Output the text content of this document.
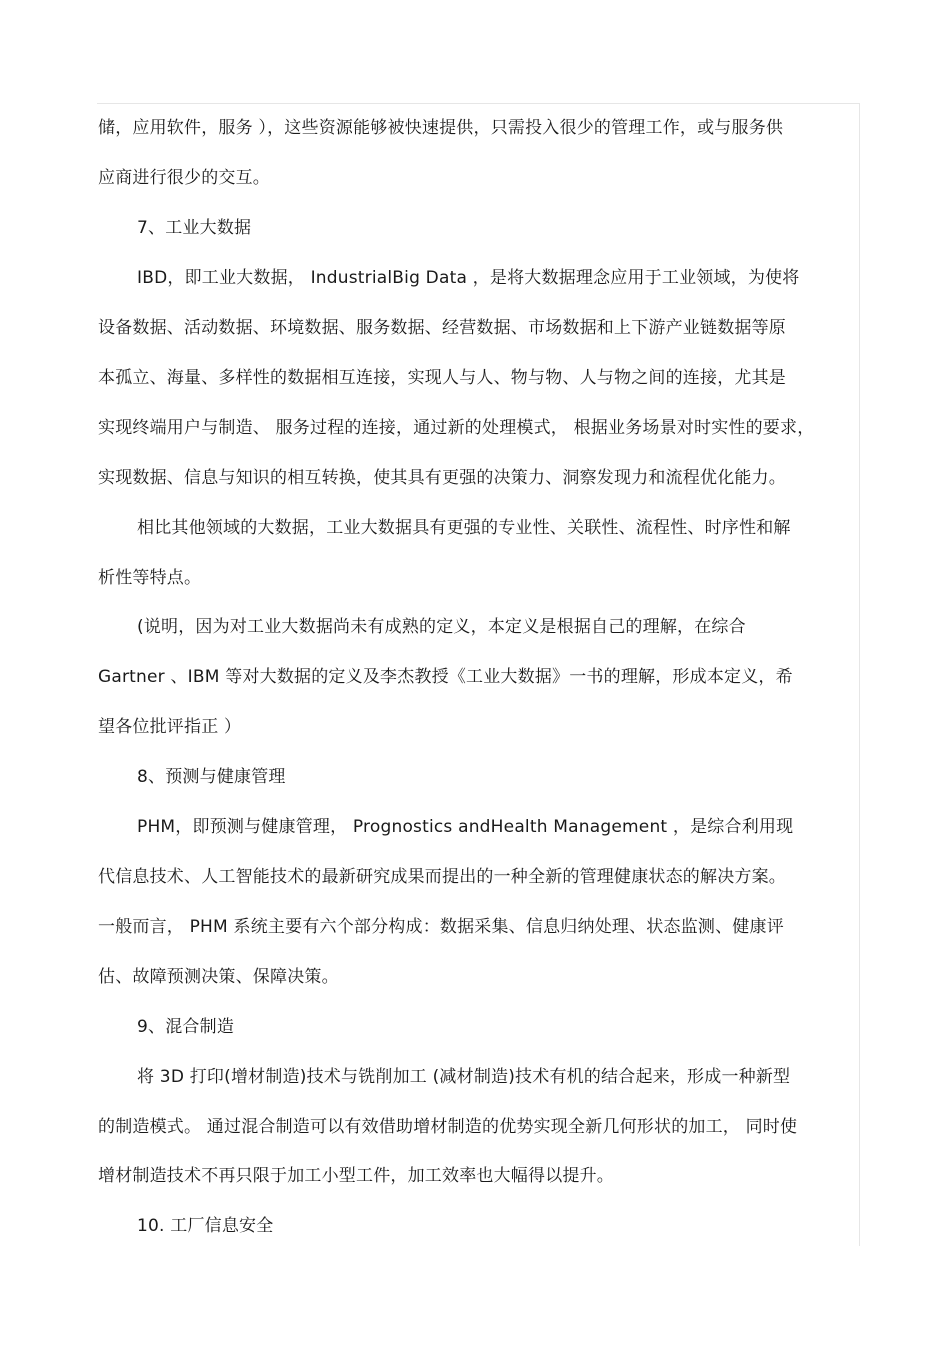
储，应用软件，服务 ），这些资源能够被快速提供，只需投入很少的管理工作，或与服务供
应商进行很少的交互。
7、工业大数据
IBD，即工业大数据， IndustrialBig Data ，是将大数据理念应用于工业领域，为使将
设备数据、活动数据、环境数据、服务数据、经营数据、市场数据和上下游产业链数据等原
本孤立、海量、多样性的数据相互连接，实现人与人、物与物、人与物之间的连接，尤其是
实现终端用户与制造、 服务过程的连接，通过新的处理模式， 根据业务场景对时实性的要求，
实现数据、信息与知识的相互转换，使其具有更强的决策力、洞察发现力和流程优化能力。
相比其他领域的大数据，工业大数据具有更强的专业性、关联性、流程性、时序性和解
析性等特点。
(说明，因为对工业大数据尚未有成熟的定义，本定义是根据自己的理解，在综合
Gartner 、IBM 等对大数据的定义及李杰教授《工业大数据》一书的理解，形成本定义，希
望各位批评指正 ）
8、预测与健康管理
PHM，即预测与健康管理， Prognostics andHealth Management ，是综合利用现
代信息技术、人工智能技术的最新研究成果而提出的一种全新的管理健康状态的解决方案。
一般而言， PHM 系统主要有六个部分构成：数据采集、信息归纳处理、状态监测、健康评
估、故障预测决策、保障决策。
9、混合制造
将 3D 打印(增材制造)技术与铣削加工 (减材制造)技术有机的结合起来，形成一种新型
的制造模式。 通过混合制造可以有效借助增材制造的优势实现全新几何形状的加工， 同时使
增材制造技术不再只限于加工小型工件，加工效率也大幅得以提升。
10. 工厂信息安全
